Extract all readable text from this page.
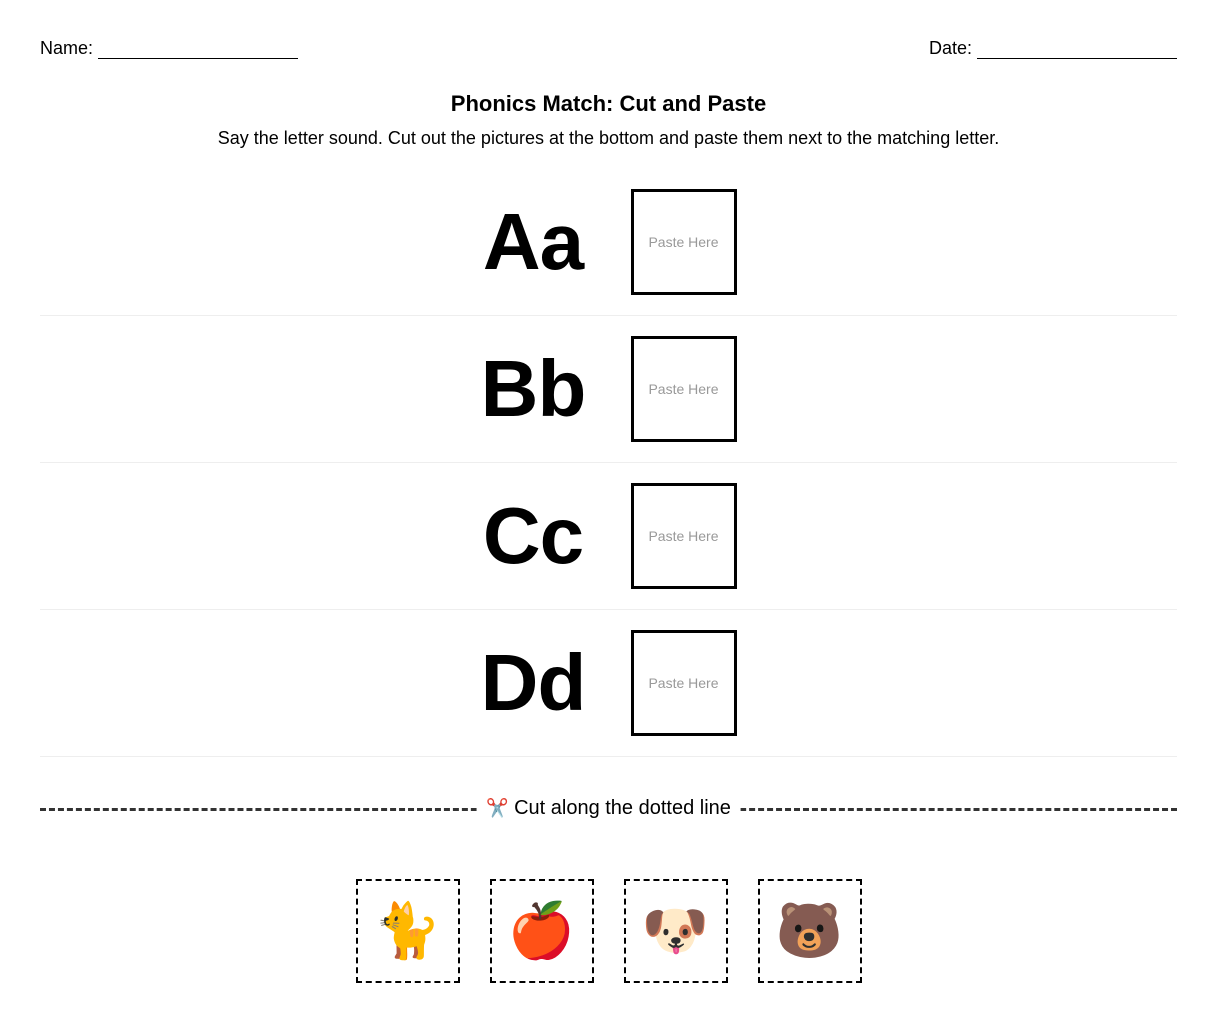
Name:	Date:
Phonics Match: Cut and Paste
Say the letter sound. Cut out the pictures at the bottom and paste them next to the matching letter.
Aa	Paste Here
Bb	Paste Here
Cc	Paste Here
Dd	Paste Here
✂️ Cut along the dotted line
🐈	🍎	🐶	🐻
